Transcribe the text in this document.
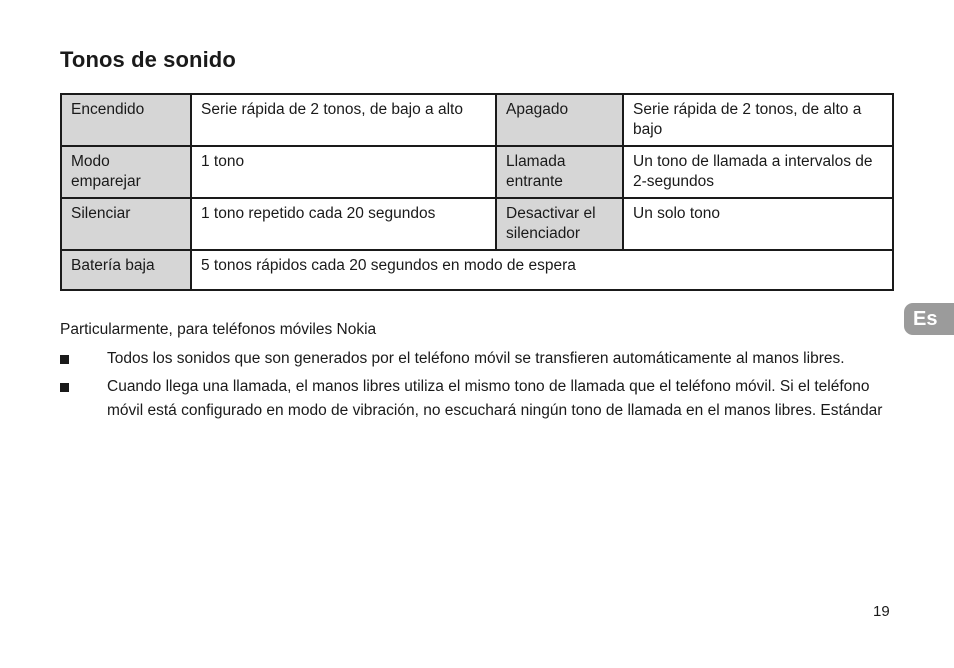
Tonos de sonido
Encendido	Serie rápida de 2 tonos, de bajo a alto	Apagado	Serie rápida de 2 tonos, de alto a bajo
Modo emparejar	1 tono	Llamada entrante	Un tono de llamada a intervalos de 2-segundos
Silenciar	1 tono repetido cada 20 segundos	Desactivar el silenciador	Un solo tono
Batería baja	5 tonos rápidos cada 20 segundos en modo de espera		

Particularmente, para teléfonos móviles Nokia

Todos los sonidos que son generados por el teléfono móvil se transfieren automáticamente al manos libres.
Cuando llega una llamada, el manos libres utiliza el mismo tono de llamada que el teléfono móvil. Si el teléfono móvil está configurado en modo de vibración, no escuchará ningún tono de llamada en el manos libres. Estándar
Es
19
